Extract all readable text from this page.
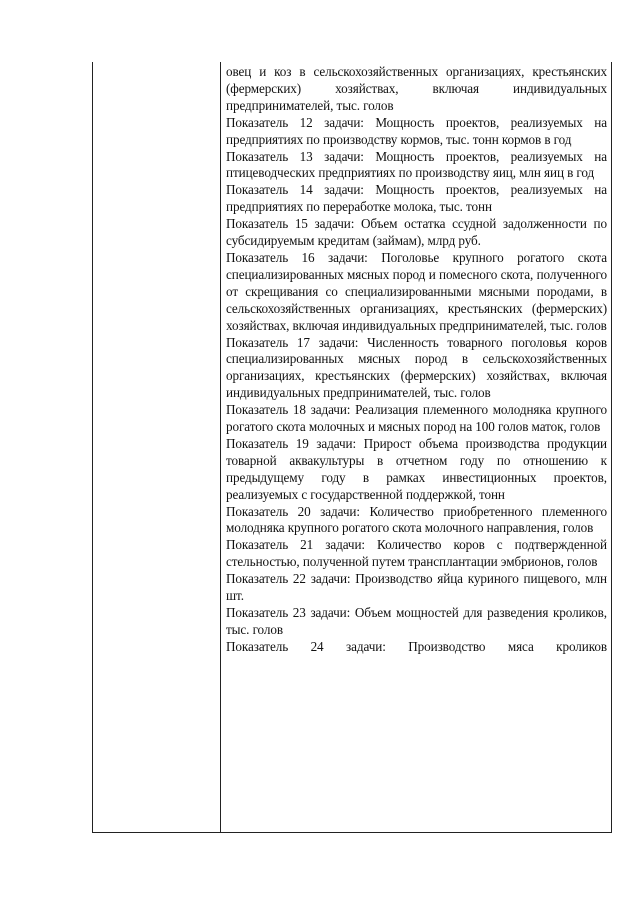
овец и коз в сельскохозяйственных организациях, крестьянских (фермерских) хозяйствах, включая индивидуальных предпринимателей, тыс. голов

Показатель 12 задачи: Мощность проектов, реализуемых на предприятиях по производству кормов, тыс. тонн кормов в год

Показатель 13 задачи: Мощность проектов, реализуемых на птицеводческих предприятиях по производству яиц, млн яиц в год

Показатель 14 задачи: Мощность проектов, реализуемых на предприятиях по переработке молока, тыс. тонн

Показатель 15 задачи: Объем остатка ссудной задолженности по субсидируемым кредитам (займам), млрд руб.

Показатель 16 задачи: Поголовье крупного рогатого скота специализированных мясных пород и помесного скота, полученного от скрещивания со специализированными мясными породами, в сельскохозяйственных организациях, крестьянских (фермерских) хозяйствах, включая индивидуальных предпринимателей, тыс. голов

Показатель 17 задачи: Численность товарного поголовья коров специализированных мясных пород в сельскохозяйственных организациях, крестьянских (фермерских) хозяйствах, включая индивидуальных предпринимателей, тыс. голов

Показатель 18 задачи: Реализация племенного молодняка крупного рогатого скота молочных и мясных пород на 100 голов маток, голов

Показатель 19 задачи: Прирост объема производства продукции товарной аквакультуры в отчетном году по отношению к предыдущему году в рамках инвестиционных проектов, реализуемых с государственной поддержкой, тонн

Показатель 20 задачи: Количество приобретенного племенного молодняка крупного рогатого скота молочного направления, голов

Показатель 21 задачи: Количество коров с подтвержденной стельностью, полученной путем трансплантации эмбрионов, голов

Показатель 22 задачи: Производство яйца куриного пищевого, млн шт.

Показатель 23 задачи: Объем мощностей для разведения кроликов, тыс. голов

Показатель 24 задачи: Производство мяса кроликов
